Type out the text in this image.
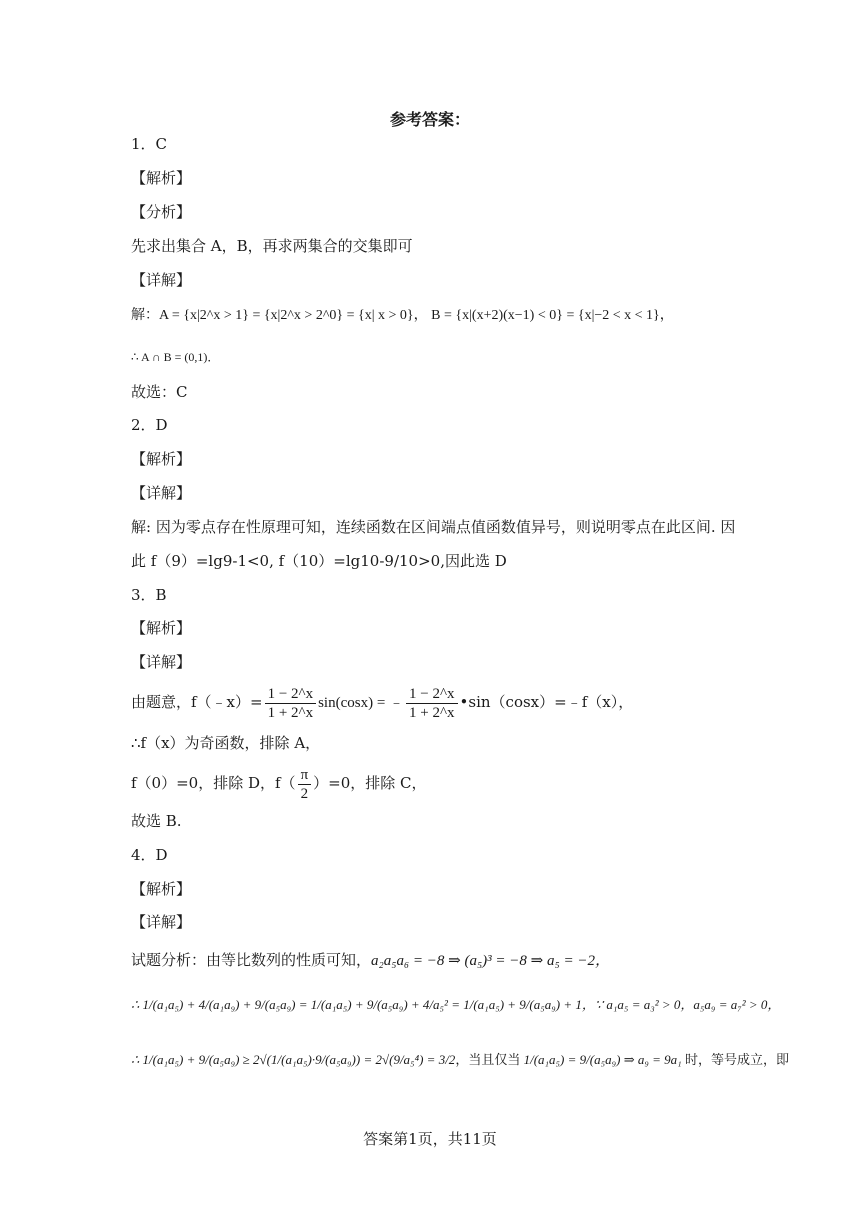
参考答案：
1．C
【解析】
【分析】
先求出集合 A，B，再求两集合的交集即可
【详解】
解：A = {x|2^x > 1} = {x|2^x > 2^0} = {x| x > 0}， B = {x|(x+2)(x−1) < 0} = {x|−2 < x < 1}，
∴ A ∩ B = (0,1)．
故选：C
2．D
【解析】
【详解】
解: 因为零点存在性原理可知，连续函数在区间端点值函数值异号，则说明零点在此区间. 因
此 f（9）=lg9-1<0, f（10）=lg10-9/10>0,因此选 D
3．B
【解析】
【详解】
由题意，f（﹣x）= $\frac{1 - 2\^{}x}{1 + 2\^{}x} \sin(\cos x)$ = ﹣ $\frac{1 - 2\^{}x}{1 + 2\^{}x}$ •sin（cosx）=﹣f（x），
∴f（x）为奇函数，排除 A，
f（0）=0，排除 D，$f( \frac{\pi}{2} )=0$，排除 C，
故选 B.
4．D
【解析】
【详解】
试题分析：由等比数列的性质可知，a₂a₅a₆ = −8 ⇒ (a₅)³ = −8 ⇒ a₅ = −2，
∴ 1/(a₁a₅) + 4/(a₁a₉) + 9/(a₅a₉) = 1/(a₁a₅) + 9/(a₅a₉) + 4/a₅² = 1/(a₁a₅) + 9/(a₅a₉) + 1，∵ a₁a₅ = a₃² > 0，a₅a₉ = a₇² > 0，
∴ 1/(a₁a₅) + 9/(a₅a₉) ≥ 2√(1/(a₁a₅)·9/(a₅a₉)) = 2√(9/a₅⁴) = 3/2，当且仅当 1/(a₁a₅) = 9/(a₅a₉) ⇒ a₉ = 9a₁ 时，等号成立，即
答案第1页，共11页
